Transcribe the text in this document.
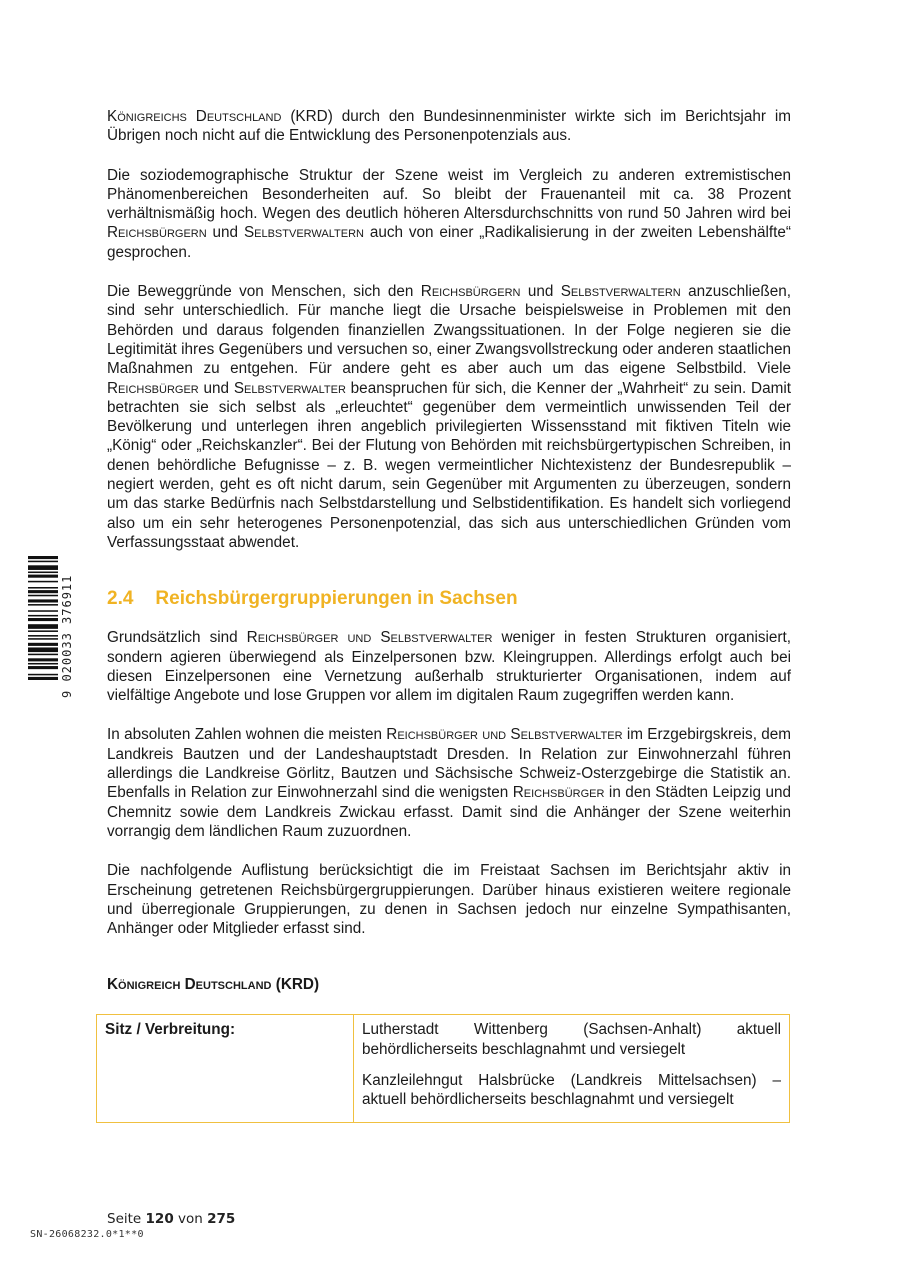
9 020033 376911

Königreichs Deutschland (KRD) durch den Bundesinnenminister wirkte sich im Berichtsjahr im Übrigen noch nicht auf die Entwicklung des Personenpotenzials aus.

Die soziodemographische Struktur der Szene weist im Vergleich zu anderen extremistischen Phänomenbereichen Besonderheiten auf. So bleibt der Frauenanteil mit ca. 38 Prozent verhältnismäßig hoch. Wegen des deutlich höheren Altersdurchschnitts von rund 50 Jahren wird bei Reichsbürgern und Selbstverwaltern auch von einer „Radikalisierung in der zweiten Lebenshälfte“ gesprochen.

Die Beweggründe von Menschen, sich den Reichsbürgern und Selbstverwaltern anzuschließen, sind sehr unterschiedlich. Für manche liegt die Ursache beispielsweise in Problemen mit den Behörden und daraus folgenden finanziellen Zwangssituationen. In der Folge negieren sie die Legitimität ihres Gegenübers und versuchen so, einer Zwangsvollstreckung oder anderen staatlichen Maßnahmen zu entgehen. Für andere geht es aber auch um das eigene Selbstbild. Viele Reichsbürger und Selbstverwalter beanspruchen für sich, die Kenner der „Wahrheit“ zu sein. Damit betrachten sie sich selbst als „erleuchtet“ gegenüber dem vermeintlich unwissenden Teil der Bevölkerung und unterlegen ihren angeblich privilegierten Wissensstand mit fiktiven Titeln wie „König“ oder „Reichskanzler“. Bei der Flutung von Behörden mit reichsbürgertypischen Schreiben, in denen behördliche Befugnisse – z. B. wegen vermeintlicher Nichtexistenz der Bundesrepublik – negiert werden, geht es oft nicht darum, sein Gegenüber mit Argumenten zu überzeugen, sondern um das starke Bedürfnis nach Selbstdarstellung und Selbstidentifikation. Es handelt sich vorliegend also um ein sehr heterogenes Personenpotenzial, das sich aus unterschiedlichen Gründen vom Verfassungsstaat abwendet.

2.4 Reichsbürgergruppierungen in Sachsen

Grundsätzlich sind Reichsbürger und Selbstverwalter weniger in festen Strukturen organisiert, sondern agieren überwiegend als Einzelpersonen bzw. Kleingruppen. Allerdings erfolgt auch bei diesen Einzelpersonen eine Vernetzung außerhalb strukturierter Organisationen, indem auf vielfältige Angebote und lose Gruppen vor allem im digitalen Raum zugegriffen werden kann.

In absoluten Zahlen wohnen die meisten Reichsbürger und Selbstverwalter im Erzgebirgskreis, dem Landkreis Bautzen und der Landeshauptstadt Dresden. In Relation zur Einwohnerzahl führen allerdings die Landkreise Görlitz, Bautzen und Sächsische Schweiz-Osterzgebirge die Statistik an. Ebenfalls in Relation zur Einwohnerzahl sind die wenigsten Reichsbürger in den Städten Leipzig und Chemnitz sowie dem Landkreis Zwickau erfasst. Damit sind die Anhänger der Szene weiterhin vorrangig dem ländlichen Raum zuzuordnen.

Die nachfolgende Auflistung berücksichtigt die im Freistaat Sachsen im Berichtsjahr aktiv in Erscheinung getretenen Reichsbürgergruppierungen. Darüber hinaus existieren weitere regionale und überregionale Gruppierungen, zu denen in Sachsen jedoch nur einzelne Sympathisanten, Anhänger oder Mitglieder erfasst sind.

Königreich Deutschland (KRD)
Sitz / Verbreitung:	Lutherstadt Wittenberg (Sachsen-Anhalt) aktuell behördlicherseits beschlagnahmt und versiegelt

Kanzleilehngut Halsbrücke (Landkreis Mittelsachsen) – aktuell behördlicherseits beschlagnahmt und versiegelt

Seite 120 von 275
SN-26068232.0*1**0
